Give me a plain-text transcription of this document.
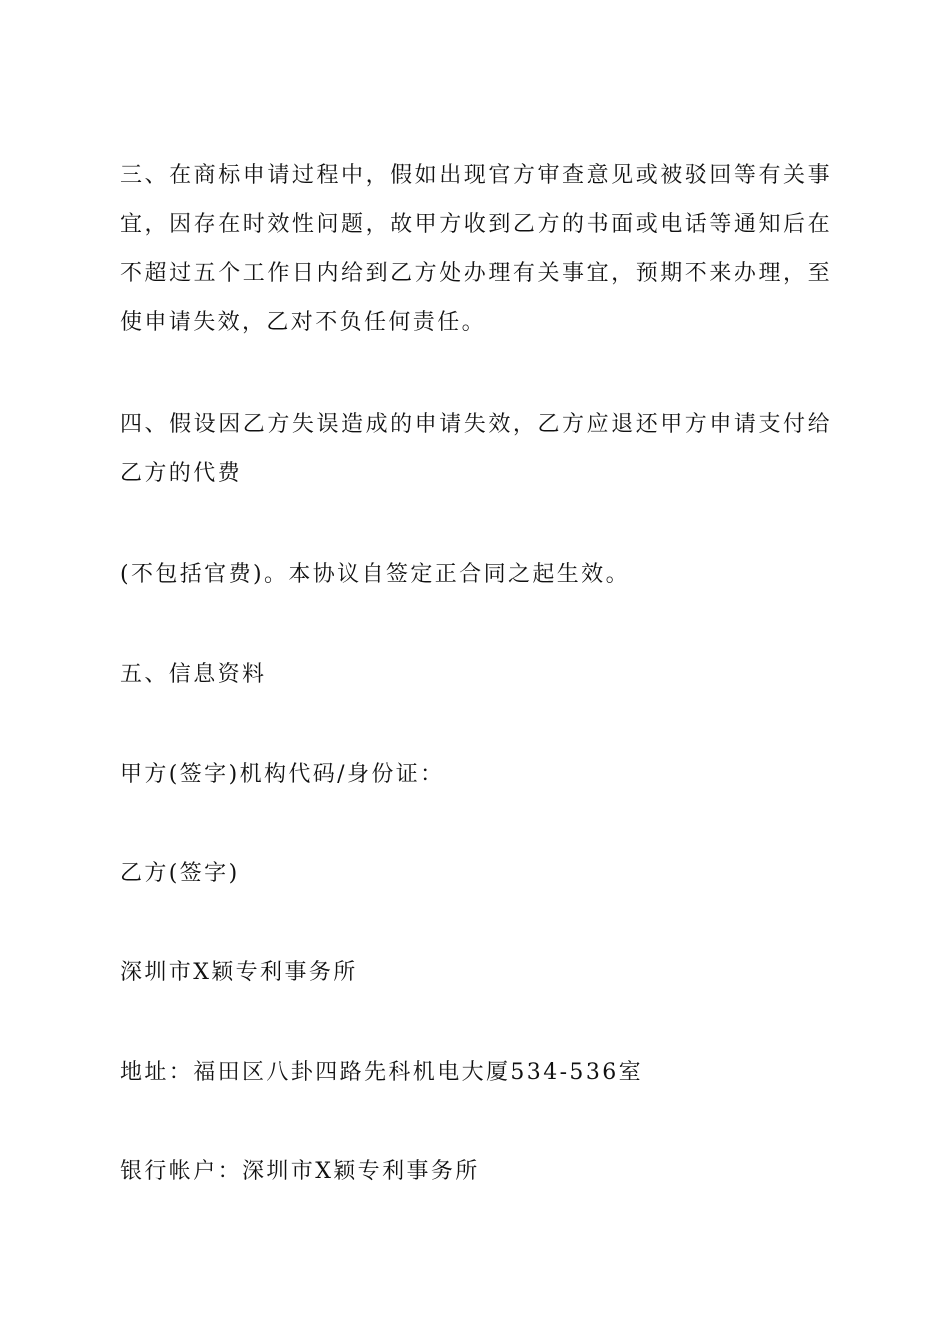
三、在商标申请过程中，假如出现官方审查意见或被驳回等有关事
宜，因存在时效性问题，故甲方收到乙方的书面或电话等通知后在
不超过五个工作日内给到乙方处办理有关事宜，预期不来办理，至
使申请失效，乙对不负任何责任。

四、假设因乙方失误造成的申请失效，乙方应退还甲方申请支付给
乙方的代费

(不包括官费)。本协议自签定正合同之起生效。

五、信息资料

甲方(签字)机构代码/身份证：

乙方(签字)

深圳市X颖专利事务所

地址：福田区八卦四路先科机电大厦534-536室

银行帐户：深圳市X颖专利事务所
